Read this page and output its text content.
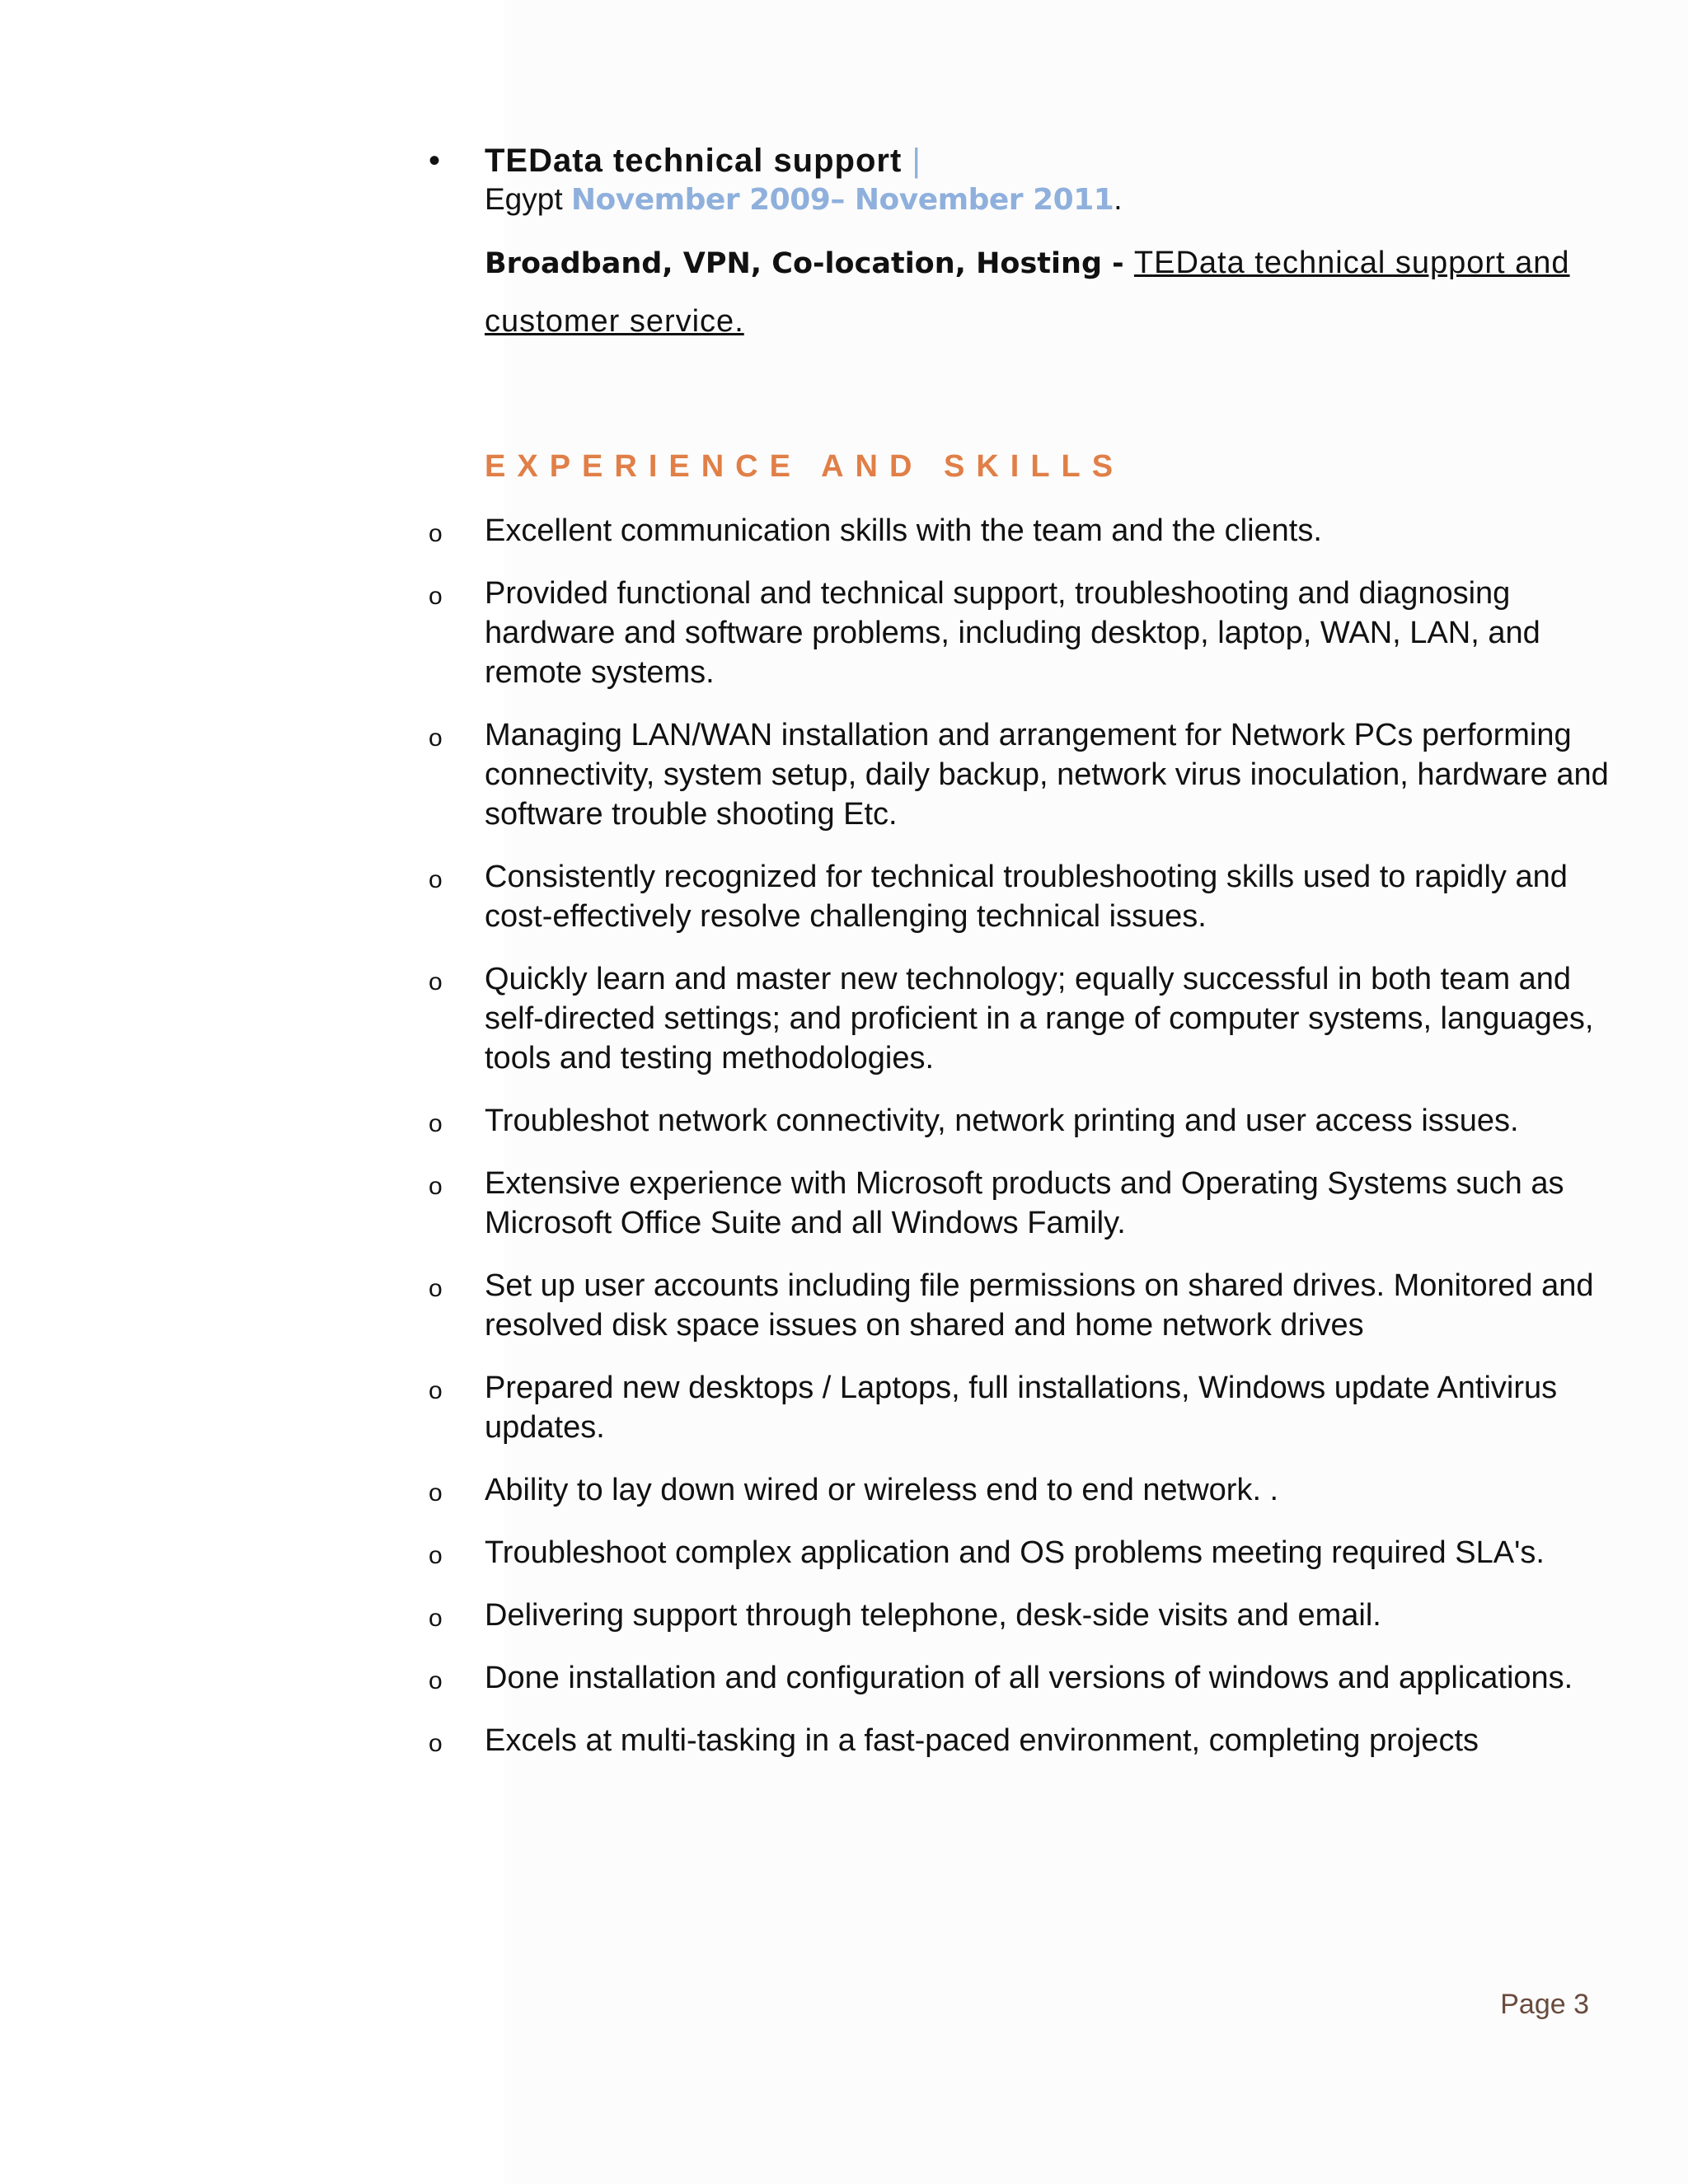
•	TEData technical support |
Egypt November 2009– November 2011.
Broadband, VPN, Co-location, Hosting - TEData technical support and customer service.
EXPERIENCE AND SKILLS
o	Excellent communication skills with the team and the clients.
o	Provided functional and technical support, troubleshooting and diagnosing hardware and software problems, including desktop, laptop, WAN, LAN, and remote systems.
o	Managing LAN/WAN installation and arrangement for Network PCs performing connectivity, system setup, daily backup, network virus inoculation, hardware and software trouble shooting Etc.
o	Consistently recognized for technical troubleshooting skills used to rapidly and cost-effectively resolve challenging technical issues.
o	Quickly learn and master new technology; equally successful in both team and self-directed settings; and proficient in a range of computer systems, languages, tools and testing methodologies.
o	Troubleshot network connectivity, network printing and user access issues.
o	Extensive experience with Microsoft products and Operating Systems such as Microsoft Office Suite and all Windows Family.
o	Set up user accounts including file permissions on shared drives. Monitored and resolved disk space issues on shared and home network drives
o	Prepared new desktops / Laptops, full installations, Windows update Antivirus updates.
o	Ability to lay down wired or wireless end to end network. .
o	Troubleshoot complex application and OS problems meeting required SLA's.
o	Delivering support through telephone, desk-side visits and email.
o	Done installation and configuration of all versions of windows and applications.
o	Excels at multi-tasking in a fast-paced environment, completing projects
Page 3
